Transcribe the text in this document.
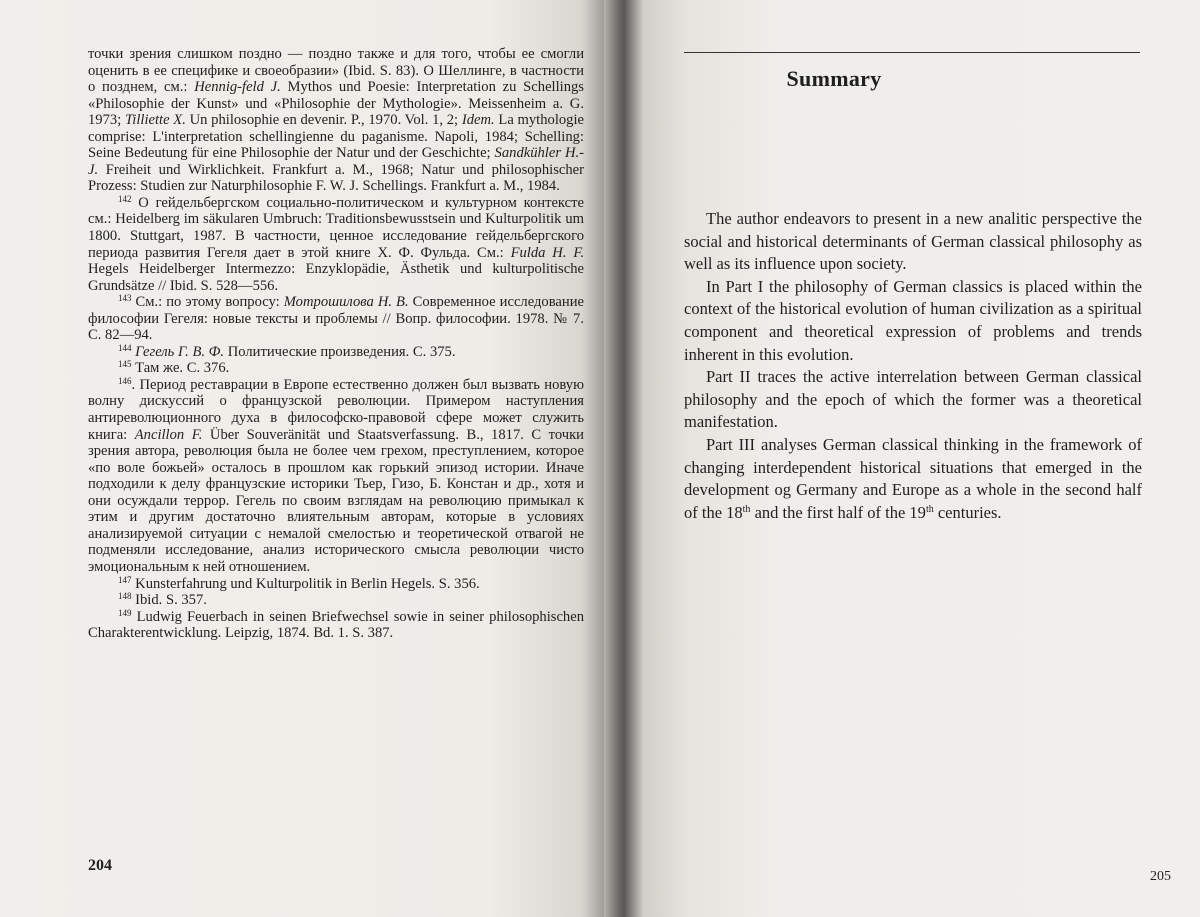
точки зрения слишком поздно — поздно также и для того, чтобы ее смогли оценить в ее специфике и своеобразии» (Ibid. S. 83). О Шеллинге, в частности о позднем, см.: Hennig-feld J. Mythos und Poesie: Interpretation zu Schellings «Philosophie der Kunst» und «Philosophie der Mythologie». Meissenheim a. G. 1973; Tilliette X. Un philosophie en devenir. P., 1970. Vol. 1, 2; Idem. La mythologie comprise: L'interpretation schellingienne du paganisme. Napoli, 1984; Schelling: Seine Bedeutung für eine Philosophie der Natur und der Geschichte; Sandkühler H.-J. Freiheit und Wirklichkeit. Frankfurt a. M., 1968; Natur und philosophischer Prozess: Studien zur Naturphilosophie F. W. J. Schellings. Frankfurt a. M., 1984.

$^{142}$ О гейдельбергском социально-политическом и культурном контексте см.: Heidelberg im säkularen Umbruch: Traditionsbewusstsein und Kulturpolitik um 1800. Stuttgart, 1987. В частности, ценное исследование гейдельбергского периода развития Гегеля дает в этой книге Х. Ф. Фульда. См.: Fulda H. F. Hegels Heidelberger Intermezzo: Enzyklopädie, Ästhetik und kulturpolitische Grundsätze // Ibid. S. 528—556.

$^{143}$ См.: по этому вопросу: Мотрошилова Н. В. Современное исследование философии Гегеля: новые тексты и проблемы // Вопр. философии. 1978. № 7. С. 82—94.

$^{144}$ Гегель Г. В. Ф. Политические произведения. С. 375.

$^{145}$ Там же. С. 376.

$^{146}$. Период реставрации в Европе естественно должен был вызвать новую волну дискуссий о французской революции. Примером наступления антиреволюционного духа в философско-правовой сфере может служить книга: Ancillon F. Über Souveränität und Staatsverfassung. B., 1817. С точки зрения автора, революция была не более чем грехом, преступлением, которое «по воле божьей» осталось в прошлом как горький эпизод истории. Иначе подходили к делу французские историки Тьер, Гизо, Б. Констан и др., хотя и они осуждали террор. Гегель по своим взглядам на революцию примыкал к этим и другим достаточно влиятельным авторам, которые в условиях анализируемой ситуации с немалой смелостью и теоретической отвагой не подменяли исследование, анализ исторического смысла революции чисто эмоциональным к ней отношением.

$^{147}$ Kunsterfahrung und Kulturpolitik in Berlin Hegels. S. 356.

$^{148}$ Ibid. S. 357.

$^{149}$ Ludwig Feuerbach in seinen Briefwechsel sowie in seiner philosophischen Charakterentwicklung. Leipzig, 1874. Bd. 1. S. 387.

204
Summary

The author endeavors to present in a new analitic perspective the social and historical determinants of German classical philosophy as well as its influence upon society.

In Part I the philosophy of German classics is placed within the context of the historical evolution of human civilization as a spiritual component and theoretical expression of problems and trends inherent in this evolution.

Part II traces the active interrelation between German classical philosophy and the epoch of which the former was a theoretical manifestation.

Part III analyses German classical thinking in the framework of changing interdependent historical situations that emerged in the development og Germany and Europe as a whole in the second half of the 18th and the first half of the 19th centuries.

205
